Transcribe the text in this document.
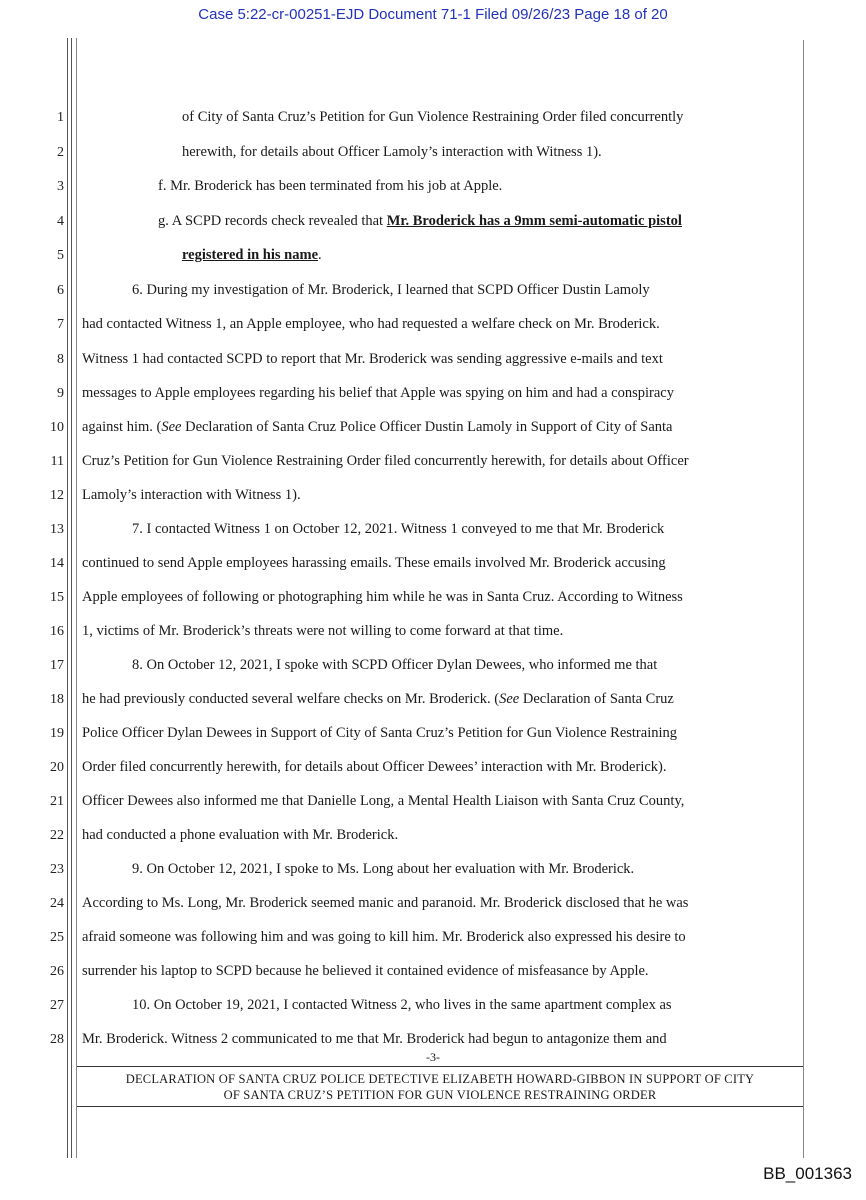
Case 5:22-cr-00251-EJD Document 71-1 Filed 09/26/23 Page 18 of 20
1
2
3
4
5
6
7
8
9
10
11
12
13
14
15
16
17
18
19
20
21
22
23
24
25
26
27
28
of City of Santa Cruz’s Petition for Gun Violence Restraining Order filed concurrently
herewith, for details about Officer Lamoly’s interaction with Witness 1).
f. Mr. Broderick has been terminated from his job at Apple.
g. A SCPD records check revealed that Mr. Broderick has a 9mm semi-automatic pistol
registered in his name.
6. During my investigation of Mr. Broderick, I learned that SCPD Officer Dustin Lamoly
had contacted Witness 1, an Apple employee, who had requested a welfare check on Mr. Broderick.
Witness 1 had contacted SCPD to report that Mr. Broderick was sending aggressive e-mails and text
messages to Apple employees regarding his belief that Apple was spying on him and had a conspiracy
against him. (See Declaration of Santa Cruz Police Officer Dustin Lamoly in Support of City of Santa
Cruz’s Petition for Gun Violence Restraining Order filed concurrently herewith, for details about Officer
Lamoly’s interaction with Witness 1).
7. I contacted Witness 1 on October 12, 2021. Witness 1 conveyed to me that Mr. Broderick
continued to send Apple employees harassing emails. These emails involved Mr. Broderick accusing
Apple employees of following or photographing him while he was in Santa Cruz. According to Witness
1, victims of Mr. Broderick’s threats were not willing to come forward at that time.
8. On October 12, 2021, I spoke with SCPD Officer Dylan Dewees, who informed me that
he had previously conducted several welfare checks on Mr. Broderick. (See Declaration of Santa Cruz
Police Officer Dylan Dewees in Support of City of Santa Cruz’s Petition for Gun Violence Restraining
Order filed concurrently herewith, for details about Officer Dewees’ interaction with Mr. Broderick).
Officer Dewees also informed me that Danielle Long, a Mental Health Liaison with Santa Cruz County,
had conducted a phone evaluation with Mr. Broderick.
9. On October 12, 2021, I spoke to Ms. Long about her evaluation with Mr. Broderick.
According to Ms. Long, Mr. Broderick seemed manic and paranoid. Mr. Broderick disclosed that he was
afraid someone was following him and was going to kill him. Mr. Broderick also expressed his desire to
surrender his laptop to SCPD because he believed it contained evidence of misfeasance by Apple.
10. On October 19, 2021, I contacted Witness 2, who lives in the same apartment complex as
Mr. Broderick. Witness 2 communicated to me that Mr. Broderick had begun to antagonize them and
-3-
DECLARATION OF SANTA CRUZ POLICE DETECTIVE ELIZABETH HOWARD-GIBBON IN SUPPORT OF CITY
OF SANTA CRUZ’S PETITION FOR GUN VIOLENCE RESTRAINING ORDER
BB_001363
